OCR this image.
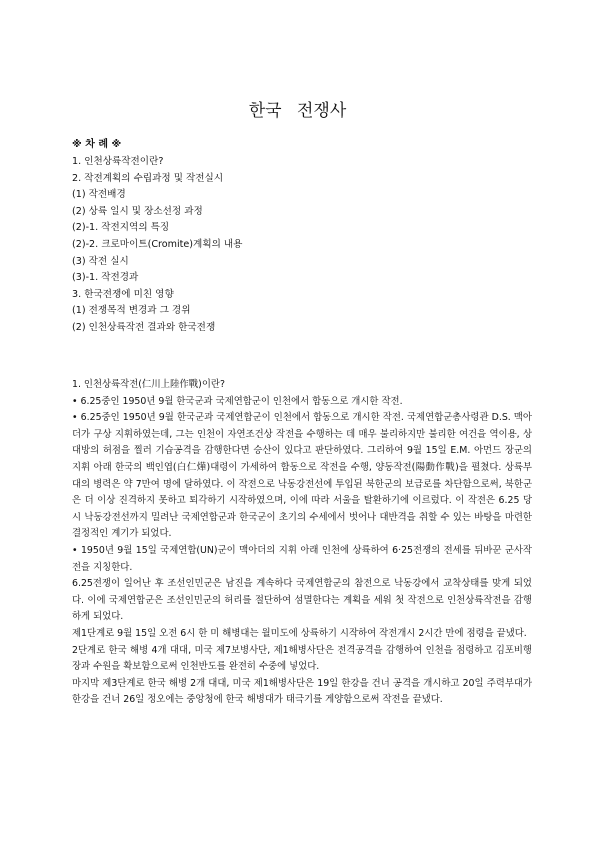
한국 전쟁사
※ 차 례 ※
1. 인천상륙작전이란?
2. 작전계획의 수립과정 및 작전실시
(1) 작전배경
(2) 상륙 일시 및 장소선정 과정
(2)-1. 작전지역의 특징
(2)-2. 크로마이트(Cromite)계획의 내용
(3) 작전 실시
(3)-1. 작전경과
3. 한국전쟁에 미친 영향
(1) 전쟁목적 변경과 그 경위
(2) 인천상륙작전 결과와 한국전쟁
1. 인천상륙작전(仁川上陸作戰)이란?
• 6.25중인 1950년 9월 한국군과 국제연합군이 인천에서 합동으로 개시한 작전.
• 6.25중인 1950년 9월 한국군과 국제연합군이 인천에서 합동으로 개시한 작전. 국제연합군총사령관 D.S. 맥아더가 구상 지휘하였는데, 그는 인천이 자연조건상 작전을 수행하는 데 매우 불리하지만 불리한 여건을 역이용, 상대방의 허점을 찔러 기습공격을 감행한다면 승산이 있다고 판단하였다. 그리하여 9월 15일 E.M. 아먼드 장군의 지휘 아래 한국의 백인엽(白仁燁)대령이 가세하여 합동으로 작전을 수행, 양동작전(陽動作戰)을 펼쳤다. 상륙부대의 병력은 약 7만여 명에 달하였다. 이 작전으로 낙동강전선에 투입된 북한군의 보급로를 차단함으로써, 북한군은 더 이상 진격하지 못하고 퇴각하기 시작하였으며, 이에 따라 서울을 탈환하기에 이르렀다. 이 작전은 6.25 당시 낙동강전선까지 밀려난 국제연합군과 한국군이 초기의 수세에서 벗어나 대반격을 취할 수 있는 바탕을 마련한 결정적인 계기가 되었다.
• 1950년 9월 15일 국제연합(UN)군이 맥아더의 지휘 아래 인천에 상륙하여 6·25전쟁의 전세를 뒤바꾼 군사작전을 지칭한다.
6.25전쟁이 일어난 후 조선인민군은 남진을 계속하다 국제연합군의 참전으로 낙동강에서 교착상태를 맞게 되었다. 이에 국제연합군은 조선인민군의 허리를 절단하여 섬멸한다는 계획을 세워 첫 작전으로 인천상륙작전을 감행하게 되었다.
제1단계로 9월 15일 오전 6시 한 미 해병대는 월미도에 상륙하기 시작하여 작전개시 2시간 만에 점령을 끝냈다.
2단계로 한국 해병 4개 대대, 미국 제7보병사단, 제1해병사단은 전격공격을 감행하여 인천을 점령하고 김포비행장과 수원을 확보함으로써 인천반도를 완전히 수중에 넣었다.
마지막 제3단계로 한국 해병 2개 대대, 미국 제1해병사단은 19일 한강을 건너 공격을 개시하고 20일 주력부대가 한강을 건너 26일 정오에는 중앙청에 한국 해병대가 태극기를 게양함으로써 작전을 끝냈다.
